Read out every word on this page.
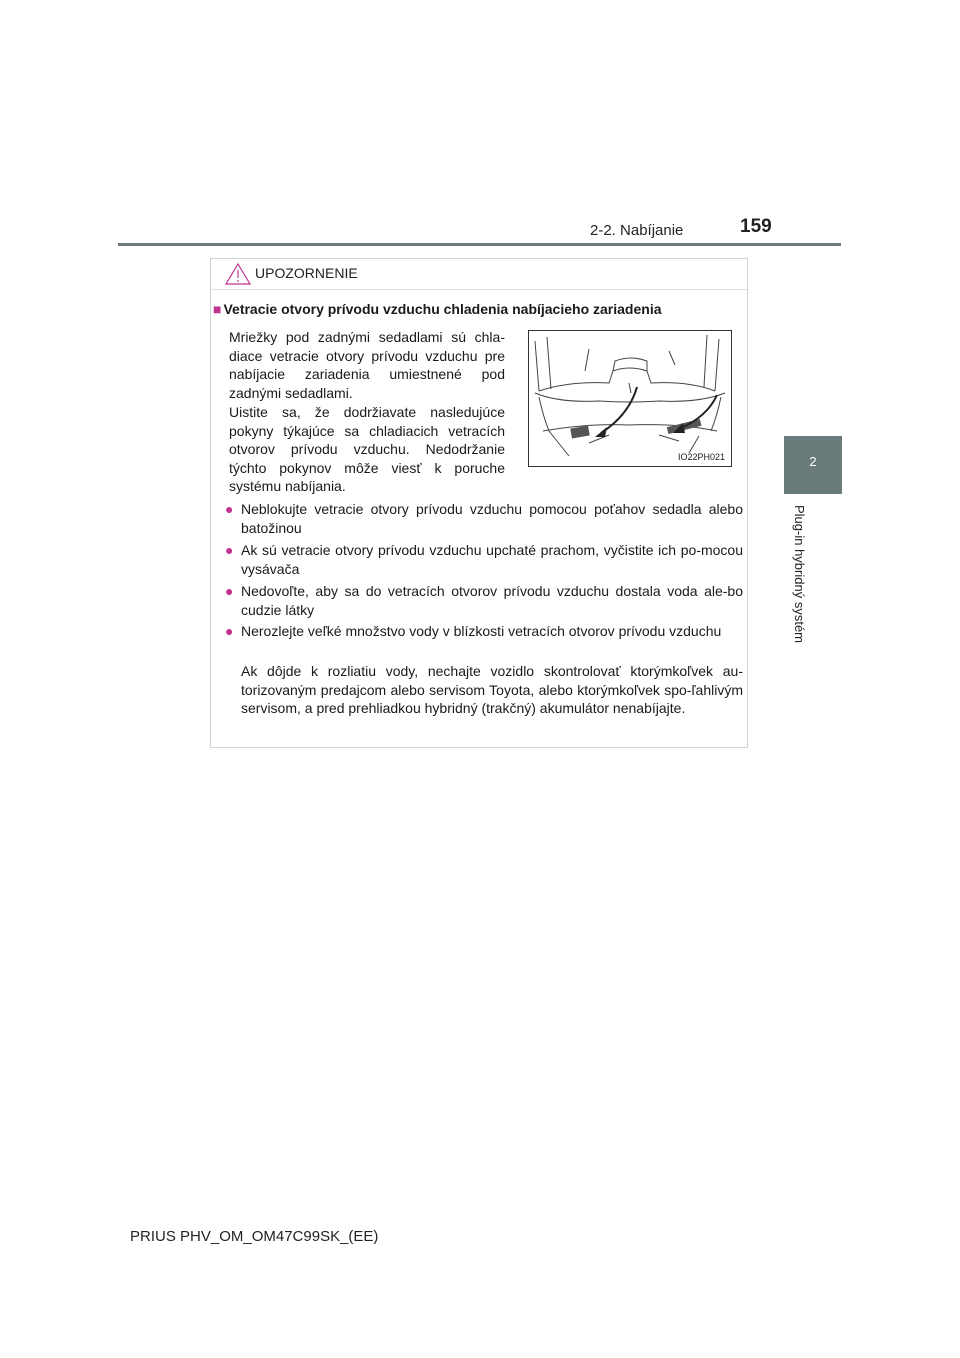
2-2. Nabíjanie	159
2
Plug-in hybridný systém
UPOZORNENIE
■ Vetracie otvory prívodu vzduchu chladenia nabíjacieho zariadenia
Mriežky pod zadnými sedadlami sú chla-diace vetracie otvory prívodu vzduchu pre nabíjacie zariadenia umiestnené pod zadnými sedadlami.
Uistite sa, že dodržiavate nasledujúce pokyny týkajúce sa chladiacich vetracích otvorov prívodu vzduchu. Nedodržanie týchto pokynov môže viesť k poruche systému nabíjania.
IO22PH021
● Neblokujte vetracie otvory prívodu vzduchu pomocou poťahov sedadla alebo batožinou
● Ak sú vetracie otvory prívodu vzduchu upchaté prachom, vyčistite ich po-mocou vysávača
● Nedovoľte, aby sa do vetracích otvorov prívodu vzduchu dostala voda ale-bo cudzie látky
● Nerozlejte veľké množstvo vody v blízkosti vetracích otvorov prívodu vzduchu
Ak dôjde k rozliatiu vody, nechajte vozidlo skontrolovať ktorýmkoľvek au-torizovaným predajcom alebo servisom Toyota, alebo ktorýmkoľvek spo-ľahlivým servisom, a pred prehliadkou hybridný (trakčný) akumulátor nenabíjajte.
PRIUS PHV_OM_OM47C99SK_(EE)
